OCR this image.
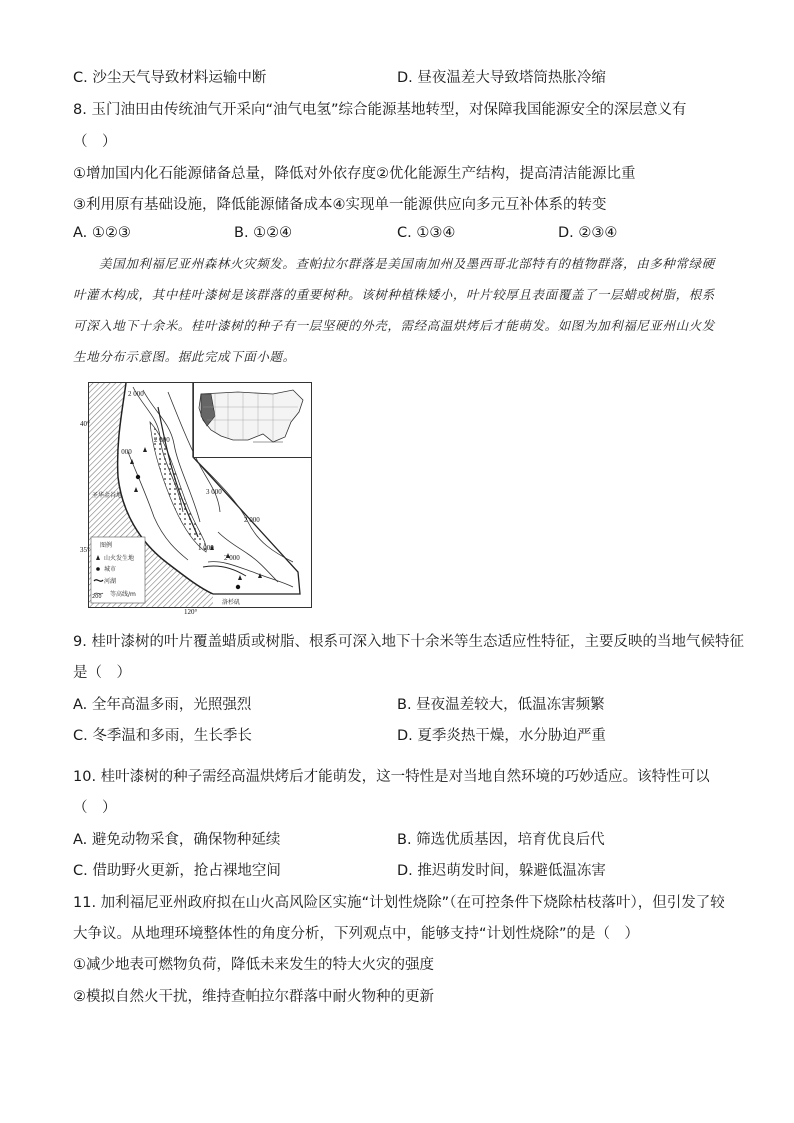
C. 沙尘天气导致材料运输中断	D. 昼夜温差大导致塔筒热胀冷缩
8. 玉门油田由传统油气开采向“油气电氢”综合能源基地转型，对保障我国能源安全的深层意义有
（　）
①增加国内化石能源储备总量，降低对外依存度②优化能源生产结构，提高清洁能源比重
③利用原有基础设施，降低能源储备成本④实现单一能源供应向多元互补体系的转变
A. ①②③	B. ①②④	C. ①③④	D. ②③④

美国加利福尼亚州森林火灾频发。查帕拉尔群落是美国南加州及墨西哥北部特有的植物群落，由多种常绿硬叶灌木构成，其中桂叶漆树是该群落的重要树种。该树种植株矮小，叶片较厚且表面覆盖了一层蜡或树脂，根系可深入地下十余米。桂叶漆树的种子有一层坚硬的外壳，需经高温烘烤后才能萌发。如图为加利福尼亚州山火发生地分布示意图。据此完成下面小题。

2 000
1 000
2 000
3 000
2 000
1 000
2 000
40°
35°
120°
圣华金谷地
洛杉矶
图例
山火发生地
城市
河湖
200 等高线/m
9. 桂叶漆树的叶片覆盖蜡质或树脂、根系可深入地下十余米等生态适应性特征，主要反映的当地气候特征
是（　）
A. 全年高温多雨，光照强烈	B. 昼夜温差较大，低温冻害频繁
C. 冬季温和多雨，生长季长	D. 夏季炎热干燥，水分胁迫严重
10. 桂叶漆树的种子需经高温烘烤后才能萌发，这一特性是对当地自然环境的巧妙适应。该特性可以
（　）
A. 避免动物采食，确保物种延续	B. 筛选优质基因，培育优良后代
C. 借助野火更新，抢占裸地空间	D. 推迟萌发时间，躲避低温冻害
11. 加利福尼亚州政府拟在山火高风险区实施“计划性烧除”（在可控条件下烧除枯枝落叶），但引发了较
大争议。从地理环境整体性的角度分析，下列观点中，能够支持“计划性烧除”的是（　）
①减少地表可燃物负荷，降低未来发生的特大火灾的强度
②模拟自然火干扰，维持查帕拉尔群落中耐火物种的更新
